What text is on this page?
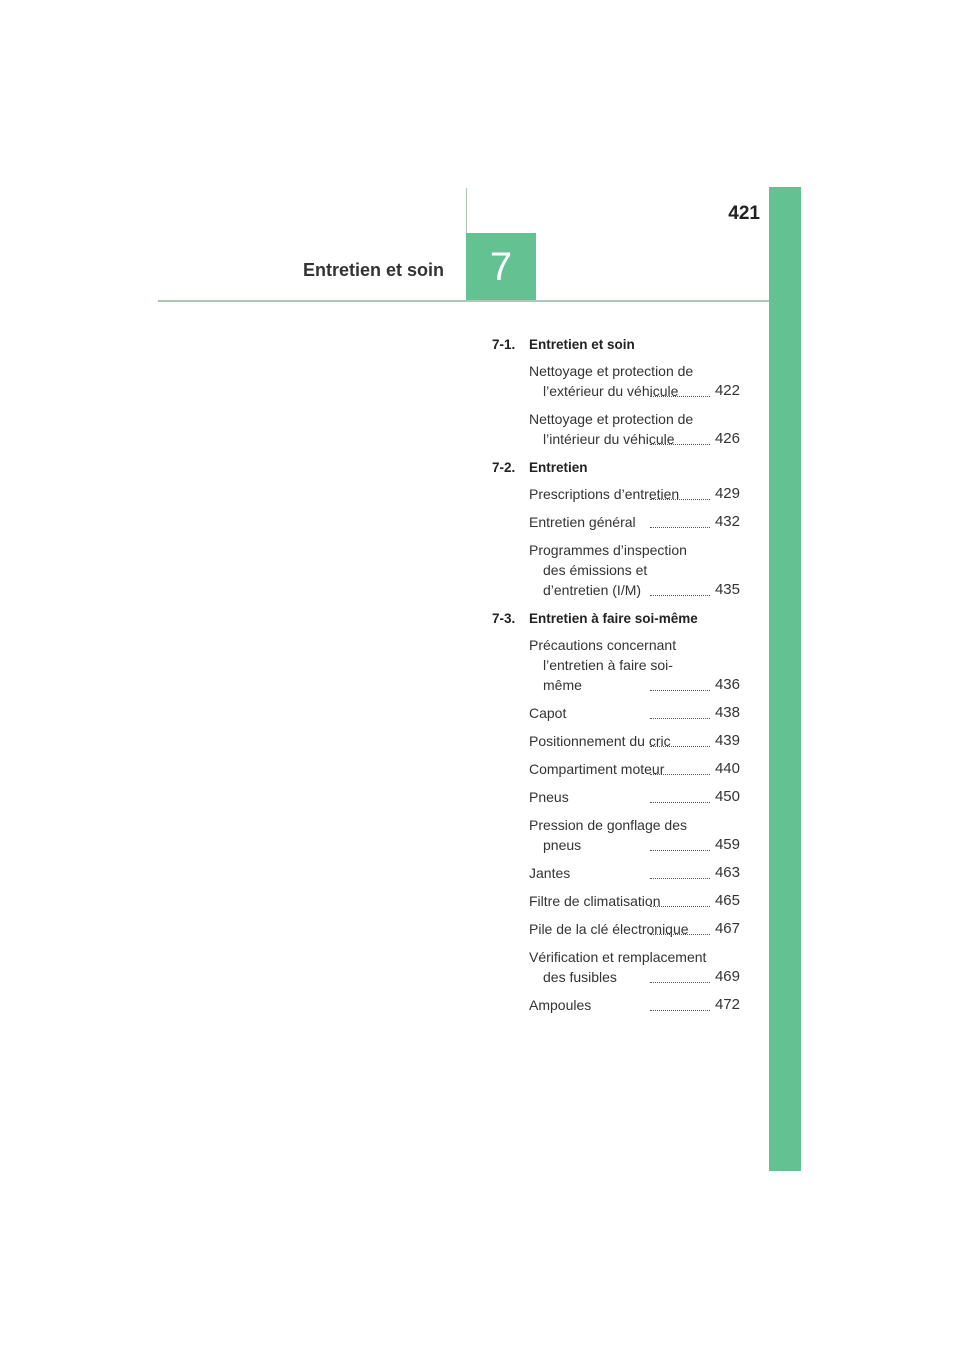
421
Entretien et soin 7
7-1.	Entretien et soin
Nettoyage et protection de l’extérieur du véhicule	422
Nettoyage et protection de l’intérieur du véhicule	426
7-2.	Entretien
Prescriptions d’entretien	429
Entretien général	432
Programmes d’inspection des émissions et d’entretien (I/M)	435
7-3.	Entretien à faire soi-même
Précautions concernant l’entretien à faire soi-même	436
Capot	438
Positionnement du cric	439
Compartiment moteur	440
Pneus	450
Pression de gonflage des pneus	459
Jantes	463
Filtre de climatisation	465
Pile de la clé électronique	467
Vérification et remplacement des fusibles	469
Ampoules	472
